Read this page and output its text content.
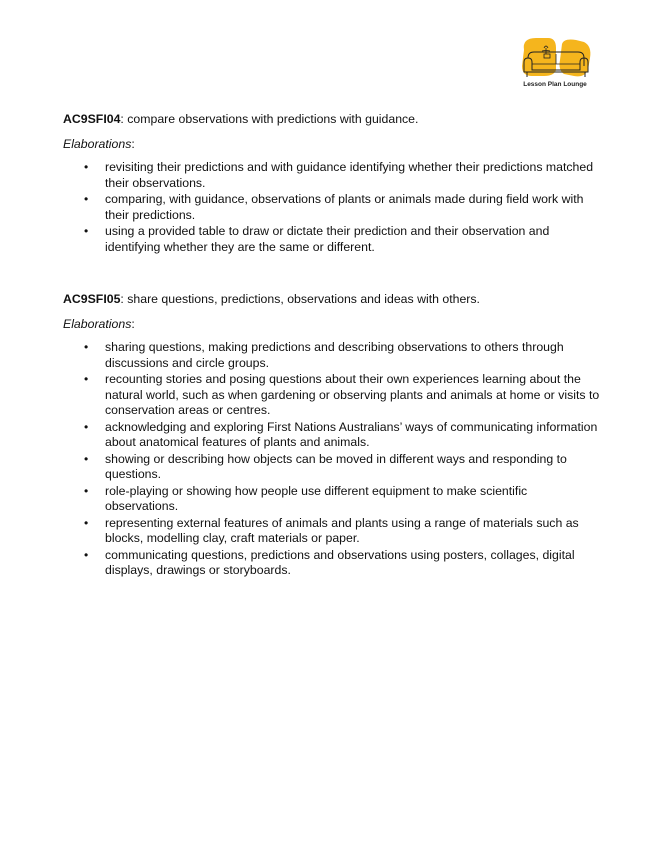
Lesson Plan Lounge

AC9SFI04: compare observations with predictions with guidance.

Elaborations:

• revisiting their predictions and with guidance identifying whether their predictions matched their observations.
• comparing, with guidance, observations of plants or animals made during field work with their predictions.
• using a provided table to draw or dictate their prediction and their observation and identifying whether they are the same or different.

AC9SFI05: share questions, predictions, observations and ideas with others.

Elaborations:

• sharing questions, making predictions and describing observations to others through discussions and circle groups.
• recounting stories and posing questions about their own experiences learning about the natural world, such as when gardening or observing plants and animals at home or visits to conservation areas or centres.
• acknowledging and exploring First Nations Australians’ ways of communicating information about anatomical features of plants and animals.
• showing or describing how objects can be moved in different ways and responding to questions.
• role-playing or showing how people use different equipment to make scientific observations.
• representing external features of animals and plants using a range of materials such as blocks, modelling clay, craft materials or paper.
• communicating questions, predictions and observations using posters, collages, digital displays, drawings or storyboards.
